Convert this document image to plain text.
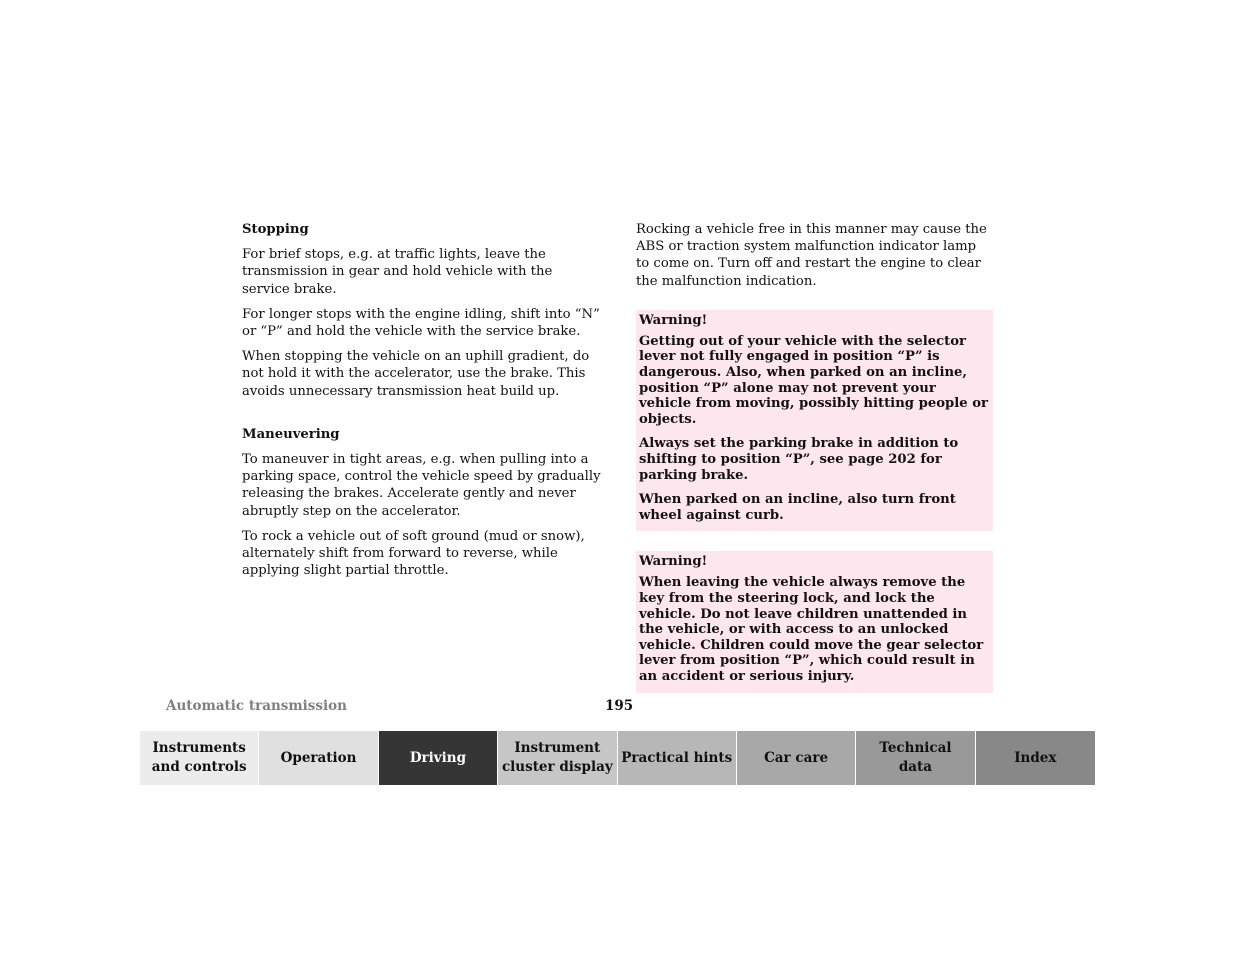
Stopping
For brief stops, e.g. at traffic lights, leave the transmission in gear and hold vehicle with the service brake.
For longer stops with the engine idling, shift into “N” or “P” and hold the vehicle with the service brake.
When stopping the vehicle on an uphill gradient, do not hold it with the accelerator, use the brake. This avoids unnecessary transmission heat build up.
Maneuvering
To maneuver in tight areas, e.g. when pulling into a parking space, control the vehicle speed by gradually releasing the brakes. Accelerate gently and never abruptly step on the accelerator.
To rock a vehicle out of soft ground (mud or snow), alternately shift from forward to reverse, while applying slight partial throttle.
Rocking a vehicle free in this manner may cause the ABS or traction system malfunction indicator lamp to come on. Turn off and restart the engine to clear the malfunction indication.
Warning!
Getting out of your vehicle with the selector lever not fully engaged in position “P” is dangerous. Also, when parked on an incline, position “P” alone may not prevent your vehicle from moving, possibly hitting people or objects.
Always set the parking brake in addition to shifting to position “P”, see page 202 for parking brake.
When parked on an incline, also turn front wheel against curb.
Warning!
When leaving the vehicle always remove the key from the steering lock, and lock the vehicle. Do not leave children unattended in the vehicle, or with access to an unlocked vehicle. Children could move the gear selector lever from position “P”, which could result in an accident or serious injury.
Automatic transmission	195
Instruments
and controls
Operation	Driving
Instrument
cluster display
Practical hints Car care
Technical
data
Index
